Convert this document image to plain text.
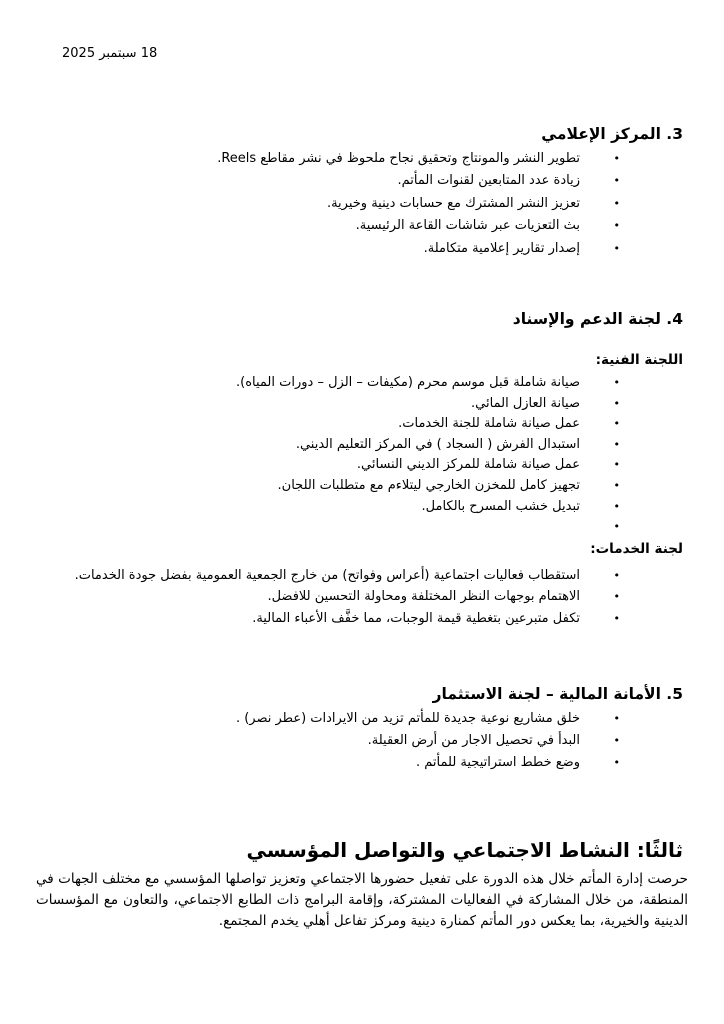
18 سبتمبر 2025
3. المركز الإعلامي
•
تطوير النشر والمونتاج وتحقيق نجاح ملحوظ في نشر مقاطع Reels.
•
زيادة عدد المتابعين لقنوات المأتم.
•
تعزيز النشر المشترك مع حسابات دينية وخيرية.
•
بث التعزيات عبر شاشات القاعة الرئيسية.
•
إصدار تقارير إعلامية متكاملة.
4. لجنة الدعم والإسناد
اللجنة الفنية:
•
صيانة شاملة قبل موسم محرم (مكيفات – الزل – دورات المياه).
•
صيانة العازل المائي.
•
عمل صيانة شاملة للجنة الخدمات.
•
استبدال الفرش ( السجاد ) في المركز التعليم الديني.
•
عمل صيانة شاملة للمركز الديني النسائي.
•
تجهيز كامل للمخزن الخارجي ليتلاءم مع متطلبات اللجان.
•
تبديل خشب المسرح بالكامل.
•
لجنة الخدمات:
•
استقطاب فعاليات اجتماعية (أعراس وفواتح) من خارج الجمعية العمومية بفضل جودة الخدمات.
•
الاهتمام بوجهات النظر المختلفة ومحاولة التحسين للافضل.
•
تكفل متبرعين بتغطية قيمة الوجبات، مما خفَّف الأعباء المالية.
5. الأمانة المالية – لجنة الاستثمار
•
خلق مشاريع نوعية جديدة للمأتم تزيد من الايرادات (عطر نصر) .
•
البدأ في تحصيل الاجار من أرض العقيلة.
•
وضع خطط استراتيجية للمأتم .
ثالثًا: النشاط الاجتماعي والتواصل المؤسسي
حرصت إدارة المأتم خلال هذه الدورة على تفعيل حضورها الاجتماعي وتعزيز تواصلها المؤسسي مع مختلف الجهات في المنطقة، من خلال المشاركة في الفعاليات المشتركة، وإقامة البرامج ذات الطابع الاجتماعي، والتعاون مع المؤسسات الدينية والخيرية، بما يعكس دور المأتم كمنارة دينية ومركز تفاعل أهلي يخدم المجتمع.
